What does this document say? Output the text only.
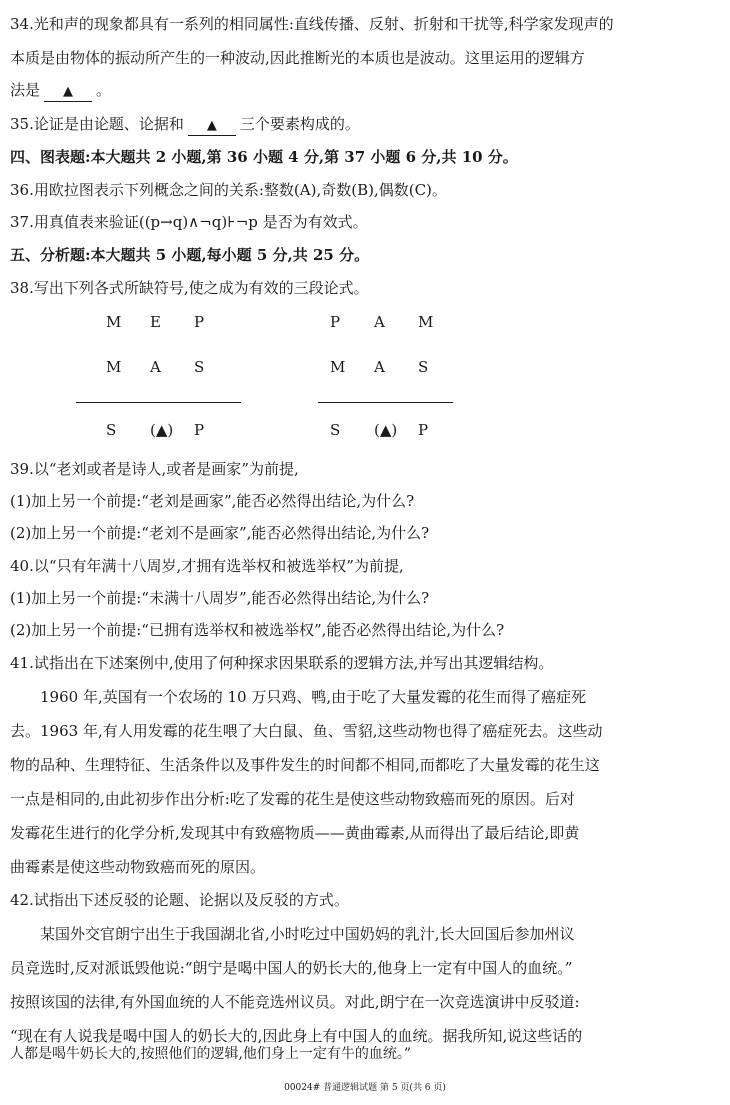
34.光和声的现象都具有一系列的相同属性:直线传播、反射、折射和干扰等,科学家发现声的
本质是由物体的振动所产生的一种波动,因此推断光的本质也是波动。这里运用的逻辑方
法是 ▲ 。
35.论证是由论题、论据和 ▲ 三个要素构成的。
四、图表题:本大题共 2 小题,第 36 小题 4 分,第 37 小题 6 分,共 10 分。
36.用欧拉图表示下列概念之间的关系:整数(A),奇数(B),偶数(C)。
37.用真值表来验证((p→q)∧¬q)⊦¬p 是否为有效式。
五、分析题:本大题共 5 小题,每小题 5 分,共 25 分。
38.写出下列各式所缺符号,使之成为有效的三段论式。
M E P
M A S
S (▲) P
P A M
M A S
S (▲) P
39.以“老刘或者是诗人,或者是画家”为前提,
(1)加上另一个前提:“老刘是画家”,能否必然得出结论,为什么?
(2)加上另一个前提:“老刘不是画家”,能否必然得出结论,为什么?
40.以“只有年满十八周岁,才拥有选举权和被选举权”为前提,
(1)加上另一个前提:“未满十八周岁”,能否必然得出结论,为什么?
(2)加上另一个前提:“已拥有选举权和被选举权”,能否必然得出结论,为什么?
41.试指出在下述案例中,使用了何种探求因果联系的逻辑方法,并写出其逻辑结构。
1960 年,英国有一个农场的 10 万只鸡、鸭,由于吃了大量发霉的花生而得了癌症死
去。1963 年,有人用发霉的花生喂了大白鼠、鱼、雪貂,这些动物也得了癌症死去。这些动
物的品种、生理特征、生活条件以及事件发生的时间都不相同,而都吃了大量发霉的花生这
一点是相同的,由此初步作出分析:吃了发霉的花生是使这些动物致癌而死的原因。后对
发霉花生进行的化学分析,发现其中有致癌物质——黄曲霉素,从而得出了最后结论,即黄
曲霉素是使这些动物致癌而死的原因。
42.试指出下述反驳的论题、论据以及反驳的方式。
某国外交官朗宁出生于我国湖北省,小时吃过中国奶妈的乳汁,长大回国后参加州议
员竞选时,反对派诋毁他说:“朗宁是喝中国人的奶长大的,他身上一定有中国人的血统。”
按照该国的法律,有外国血统的人不能竞选州议员。对此,朗宁在一次竞选演讲中反驳道:
“现在有人说我是喝中国人的奶长大的,因此身上有中国人的血统。据我所知,说这些话的
人都是喝牛奶长大的,按照他们的逻辑,他们身上一定有牛的血统。”
00024# 普通逻辑试题 第 5 页(共 6 页)
